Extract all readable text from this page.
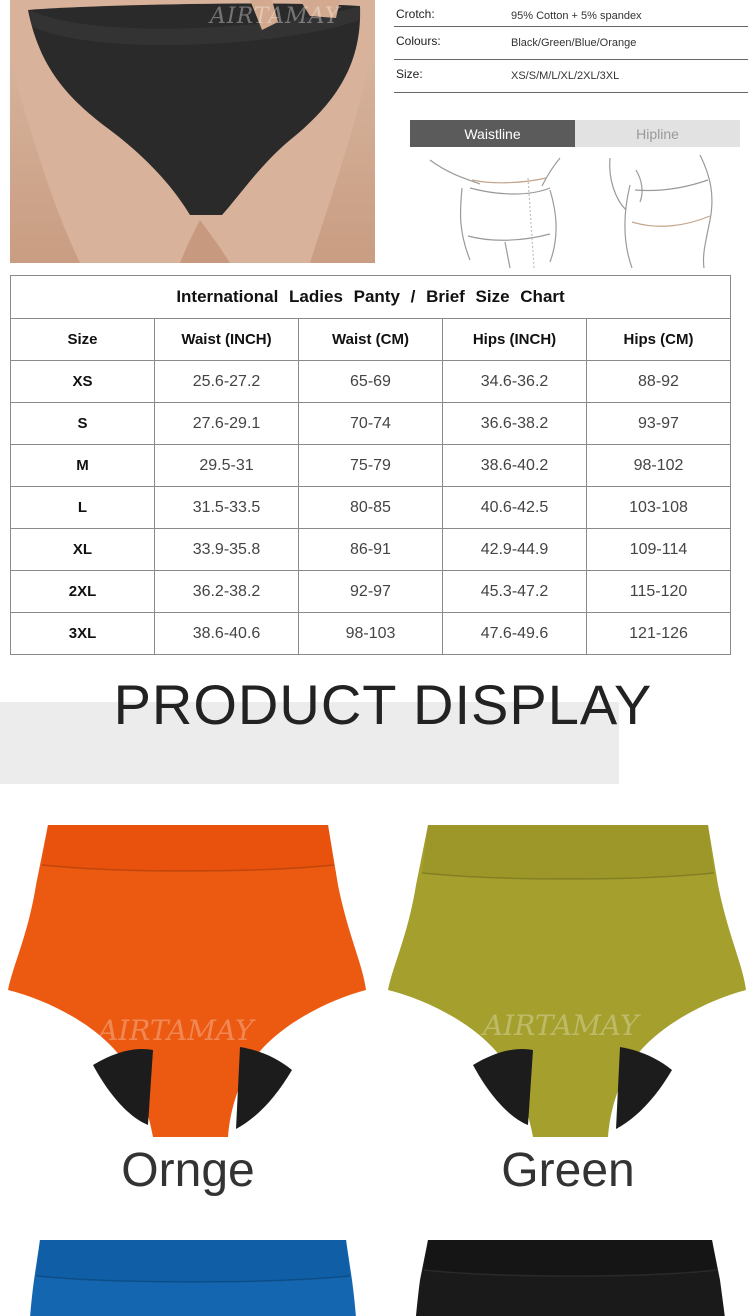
AIRTAMAY	Crotch:	95% Cotton + 5% spandex
Colours:	Black/Green/Blue/Orange
Size:	XS/S/M/L/XL/2XL/3XL
Waistline	Hipline
International Ladies Panty / Brief Size Chart				
Size	Waist (INCH)	Waist (CM)	Hips (INCH)	Hips (CM)
XS	25.6-27.2	65-69	34.6-36.2	88-92
S	27.6-29.1	70-74	36.6-38.2	93-97
M	29.5-31	75-79	38.6-40.2	98-102
L	31.5-33.5	80-85	40.6-42.5	103-108
XL	33.9-35.8	86-91	42.9-44.9	109-114
2XL	36.2-38.2	92-97	45.3-47.2	115-120
3XL	38.6-40.6	98-103	47.6-49.6	121-126
PRODUCT DISPLAY
AIRTAMAY
Ornge
AIRTAMAY
Green
